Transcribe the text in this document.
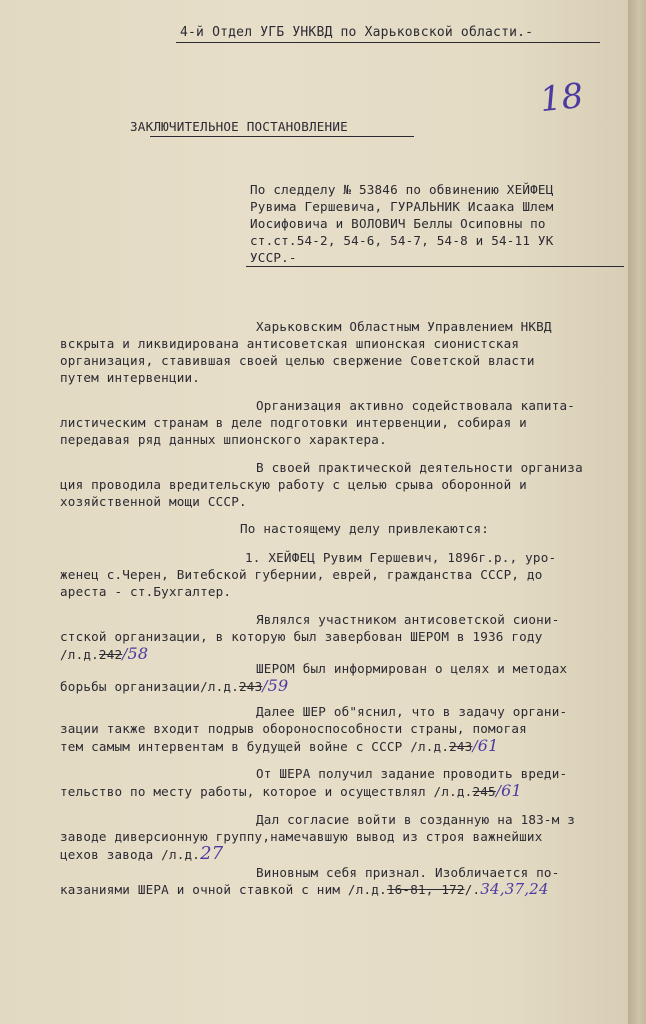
4-й Отдел УГБ УНКВД по Харьковской области.-

18

ЗАКЛЮЧИТЕЛЬНОЕ ПОСТАНОВЛЕНИЕ

По следделу № 53846 по обвинению ХЕЙФЕЦ

Рувима Гершевича, ГУРАЛЬНИК Исаака Шлем

Иосифовича и ВОЛОВИЧ Беллы Осиповны по

ст.ст.54-2, 54-6, 54-7, 54-8 и 54-11 УК

УССР.-

Харьковским Областным Управлением НКВД

вскрыта и ликвидирована антисоветская шпионская сионистская

организация, ставившая своей целью свержение Советской власти

путем интервенции.

Организация активно содействовала капита-

листическим странам в деле подготовки интервенции, собирая и

передавая ряд данных шпионского характера.

В своей практической деятельности организа

ция проводила вредительскую работу с целью срыва оборонной и

хозяйственной мощи СССР.

По настоящему делу привлекаются:

1. ХЕЙФЕЦ Рувим Гершевич, 1896г.р., уро-

женец с.Черен, Витебской губернии, еврей, гражданства СССР, до

ареста - ст.Бухгалтер.

Являлся участником антисоветской сиони-

стской организации, в которую был завербован ШЕРОМ в 1936 году

/л.д.242/58

ШЕРОМ был информирован о целях и методах

борьбы организации/л.д.243/59

Далее ШЕР об"яснил, что в задачу органи-

зации также входит подрыв обороноспособности страны, помогая

тем самым интервентам в будущей войне с СССР /л.д.243/61

От ШЕРА получил задание проводить вреди-

тельство по месту работы, которое и осуществлял /л.д.245/61

Дал согласие войти в созданную на 183-м з

заводе диверсионную группу,намечавшую вывод из строя важнейших

цехов завода /л.д.27

Виновным себя признал. Изобличается по-

казаниями ШЕРА и очной ставкой с ним /л.д.16-81, 172/.34,37,24
